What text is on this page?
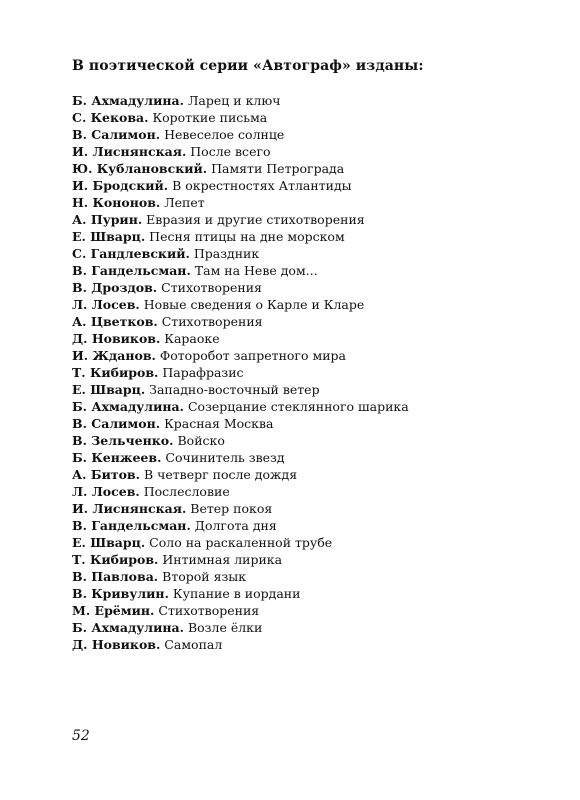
В поэтической серии «Автограф» изданы:
Б. Ахмадулина. Ларец и ключ
С. Кекова. Короткие письма
В. Салимон. Невеселое солнце
И. Лиснянская. После всего
Ю. Кублановский. Памяти Петрограда
И. Бродский. В окрестностях Атлантиды
Н. Кононов. Лепет
А. Пурин. Евразия и другие стихотворения
Е. Шварц. Песня птицы на дне морском
С. Гандлевский. Праздник
В. Гандельсман. Там на Неве дом...
В. Дроздов. Стихотворения
Л. Лосев. Новые сведения о Карле и Кларе
А. Цветков. Стихотворения
Д. Новиков. Караоке
И. Жданов. Фоторобот запретного мира
Т. Кибиров. Парафразис
Е. Шварц. Западно-восточный ветер
Б. Ахмадулина. Созерцание стеклянного шарика
В. Салимон. Красная Москва
В. Зельченко. Войско
Б. Кенжеев. Сочинитель звезд
А. Битов. В четверг после дождя
Л. Лосев. Послесловие
И. Лиснянская. Ветер покоя
В. Гандельсман. Долгота дня
Е. Шварц. Соло на раскаленной трубе
Т. Кибиров. Интимная лирика
В. Павлова. Второй язык
В. Кривулин. Купание в иордани
М. Ерёмин. Стихотворения
Б. Ахмадулина. Возле ёлки
Д. Новиков. Самопал
52
